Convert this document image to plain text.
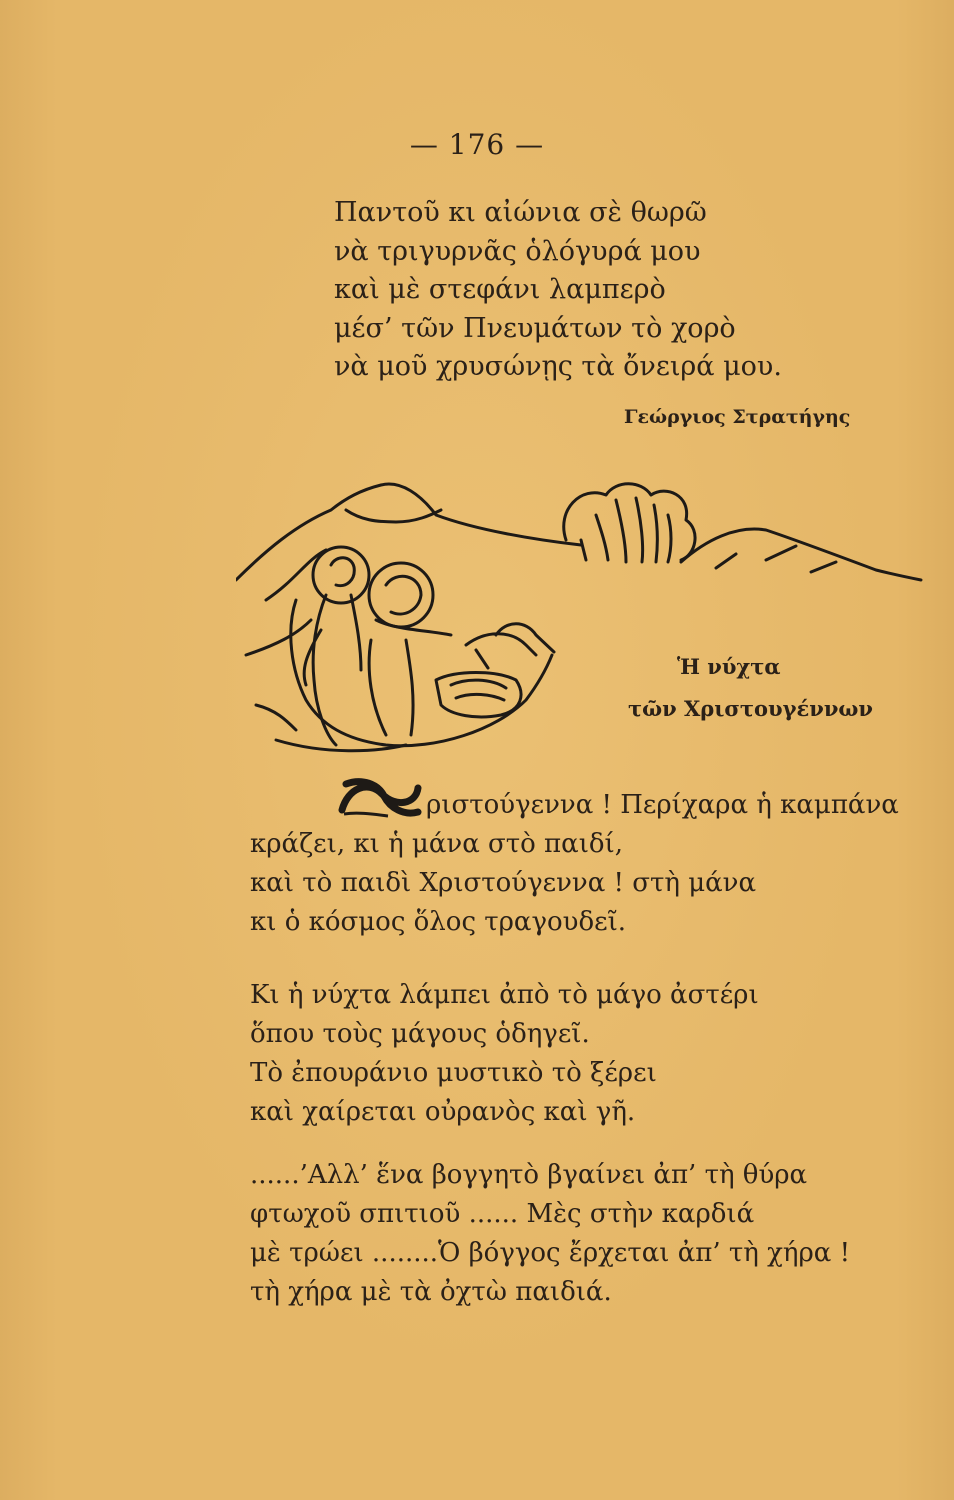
— 176 —
Παντοῦ κι αἰώνια σὲ θωρῶ
νὰ τριγυρνᾶς ὁλόγυρά μου
καὶ μὲ στεφάνι λαμπερὸ
μέσ’ τῶν Πνευμάτων τὸ χορὸ
νὰ μοῦ χρυσώνῃς τὰ ὄνειρά μου.
Γεώργιος Στρατήγης
Ἡ νύχτα
τῶν Χριστουγέννων
ριστούγεννα ! Περίχαρα ἡ καμπάνα
κράζει, κι ἡ μάνα στὸ παιδί,
καὶ τὸ παιδὶ Χριστούγεννα ! στὴ μάνα
κι ὁ κόσμος ὅλος τραγουδεῖ.
Κι ἡ νύχτα λάμπει ἀπὸ τὸ μάγο ἀστέρι
ὅπου τοὺς μάγους ὁδηγεῖ.
Τὸ ἐπουράνιο μυστικὸ τὸ ξέρει
καὶ χαίρεται οὐρανὸς καὶ γῆ.
......’Αλλ’ ἕνα βογγητὸ βγαίνει ἀπ’ τὴ θύρα
φτωχοῦ σπιτιοῦ ...... Μὲς στὴν καρδιά
μὲ τρώει ........Ὁ βόγγος ἔρχεται ἀπ’ τὴ χήρα !
τὴ χήρα μὲ τὰ ὀχτὼ παιδιά.
